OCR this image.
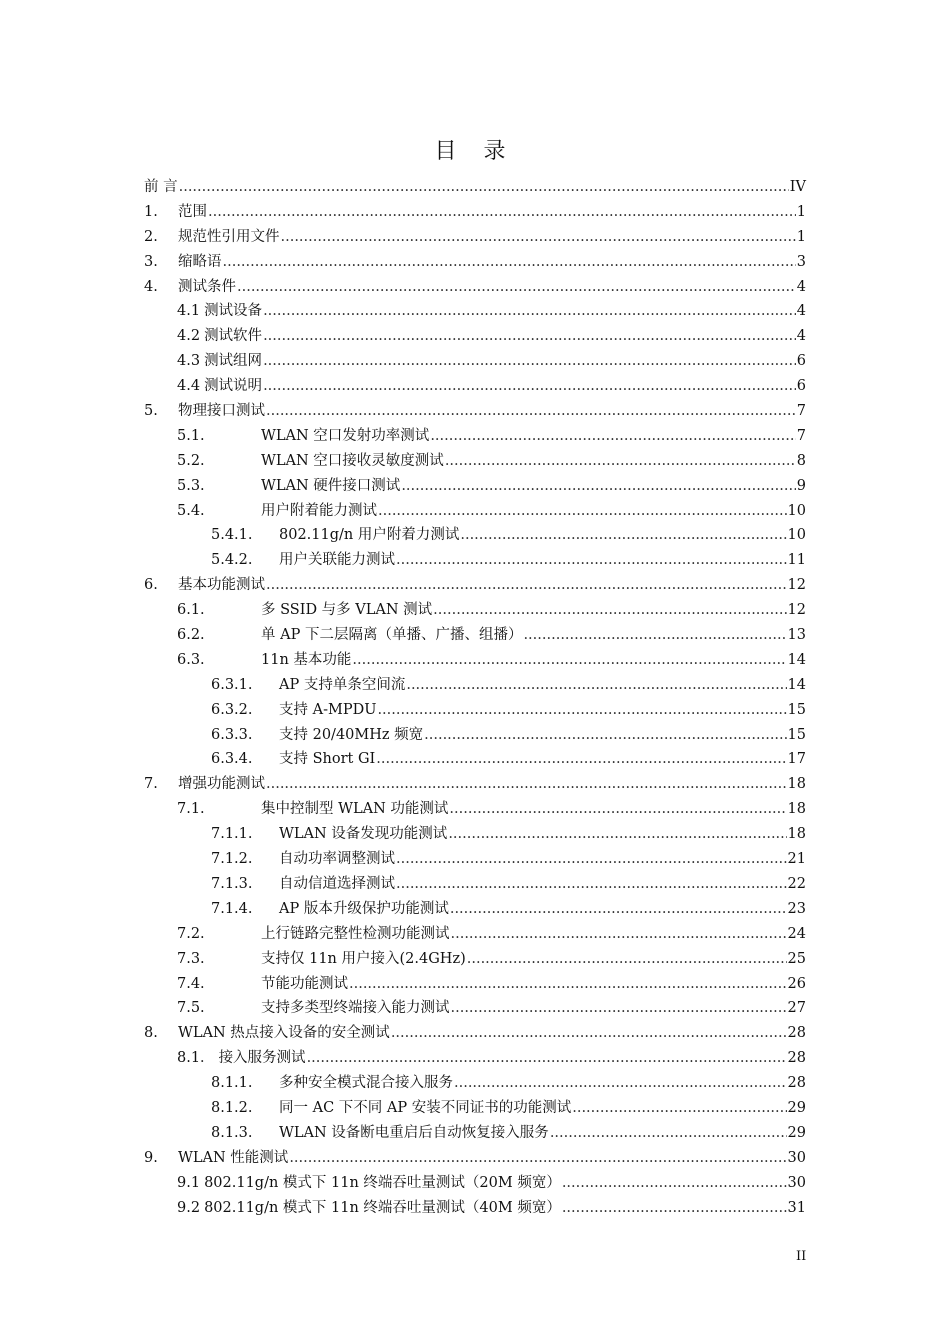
目 录
前 言 .....	IV
1.	范围 .....	1
2.	规范性引用文件 .....	1
3.	缩略语 .....	3
4.	测试条件 .....	4
4.1 测试设备 .....	4
4.2 测试软件 .....	4
4.3 测试组网 .....	6
4.4 测试说明 .....	6
5.	物理接口测试 .....	7
5.1.	WLAN 空口发射功率测试 .....	7
5.2.	WLAN 空口接收灵敏度测试 .....	8
5.3.	WLAN 硬件接口测试 .....	9
5.4.	用户附着能力测试 .....	10
5.4.1.	802.11g/n 用户附着力测试 .....	10
5.4.2.	用户关联能力测试 .....	11
6.	基本功能测试 .....	12
6.1.	多 SSID 与多 VLAN 测试 .....	12
6.2.	单 AP 下二层隔离（单播、广播、组播） .....	13
6.3.	11n 基本功能 .....	14
6.3.1.	AP 支持单条空间流 .....	14
6.3.2.	支持 A-MPDU .....	15
6.3.3.	支持 20/40MHz 频宽 .....	15
6.3.4.	支持 Short GI .....	17
7.	增强功能测试 .....	18
7.1.	集中控制型 WLAN 功能测试 .....	18
7.1.1.	WLAN 设备发现功能测试 .....	18
7.1.2.	自动功率调整测试 .....	21
7.1.3.	自动信道选择测试 .....	22
7.1.4.	AP 版本升级保护功能测试 .....	23
7.2.	上行链路完整性检测功能测试 .....	24
7.3.	支持仅 11n 用户接入(2.4GHz) .....	25
7.4.	节能功能测试 .....	26
7.5.	支持多类型终端接入能力测试 .....	27
8.	WLAN 热点接入设备的安全测试 .....	28
8.1． 接入服务测试 .....	28
8.1.1.	多种安全模式混合接入服务 .....	28
8.1.2.	同一 AC 下不同 AP 安装不同证书的功能测试 .....	29
8.1.3.	WLAN 设备断电重启后自动恢复接入服务 .....	29
9.	WLAN 性能测试 .....	30
9.1 802.11g/n 模式下 11n 终端吞吐量测试（20M 频宽） .....	30
9.2 802.11g/n 模式下 11n 终端吞吐量测试（40M 频宽） .....	31
II
